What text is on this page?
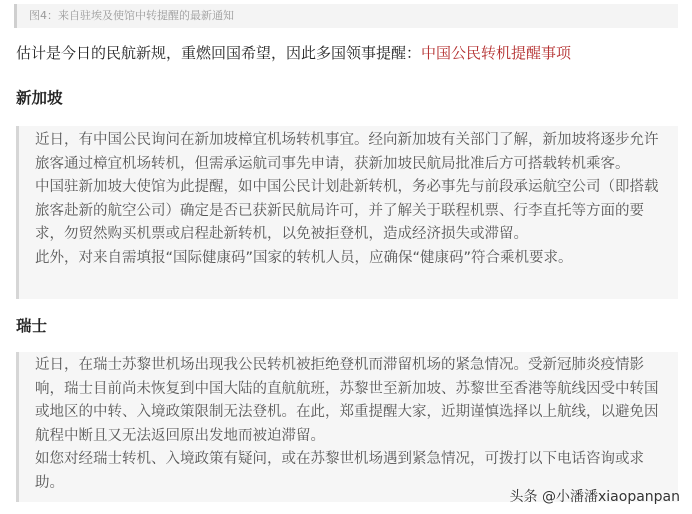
图4：来自驻埃及使馆中转提醒的最新通知
估计是今日的民航新规，重燃回国希望，因此多国领事提醒：中国公民转机提醒事项
新加坡

近日，有中国公民询问在新加坡樟宜机场转机事宜。经向新加坡有关部门了解，新加坡将逐步允许旅客通过樟宜机场转机，但需承运航司事先申请，获新加坡民航局批准后方可搭载转机乘客。

中国驻新加坡大使馆为此提醒，如中国公民计划赴新转机，务必事先与前段承运航空公司（即搭载旅客赴新的航空公司）确定是否已获新民航局许可，并了解关于联程机票、行李直托等方面的要求，勿贸然购买机票或启程赴新转机，以免被拒登机，造成经济损失或滞留。

此外，对来自需填报“国际健康码”国家的转机人员，应确保“健康码”符合乘机要求。

瑞士

近日，在瑞士苏黎世机场出现我公民转机被拒绝登机而滞留机场的紧急情况。受新冠肺炎疫情影响，瑞士目前尚未恢复到中国大陆的直航航班，苏黎世至新加坡、苏黎世至香港等航线因受中转国或地区的中转、入境政策限制无法登机。在此，郑重提醒大家，近期谨慎选择以上航线，以避免因航程中断且又无法返回原出发地而被迫滞留。

如您对经瑞士转机、入境政策有疑问，或在苏黎世机场遇到紧急情况，可拨打以下电话咨询或求助。

头条 @小潘潘xiaopanpan
